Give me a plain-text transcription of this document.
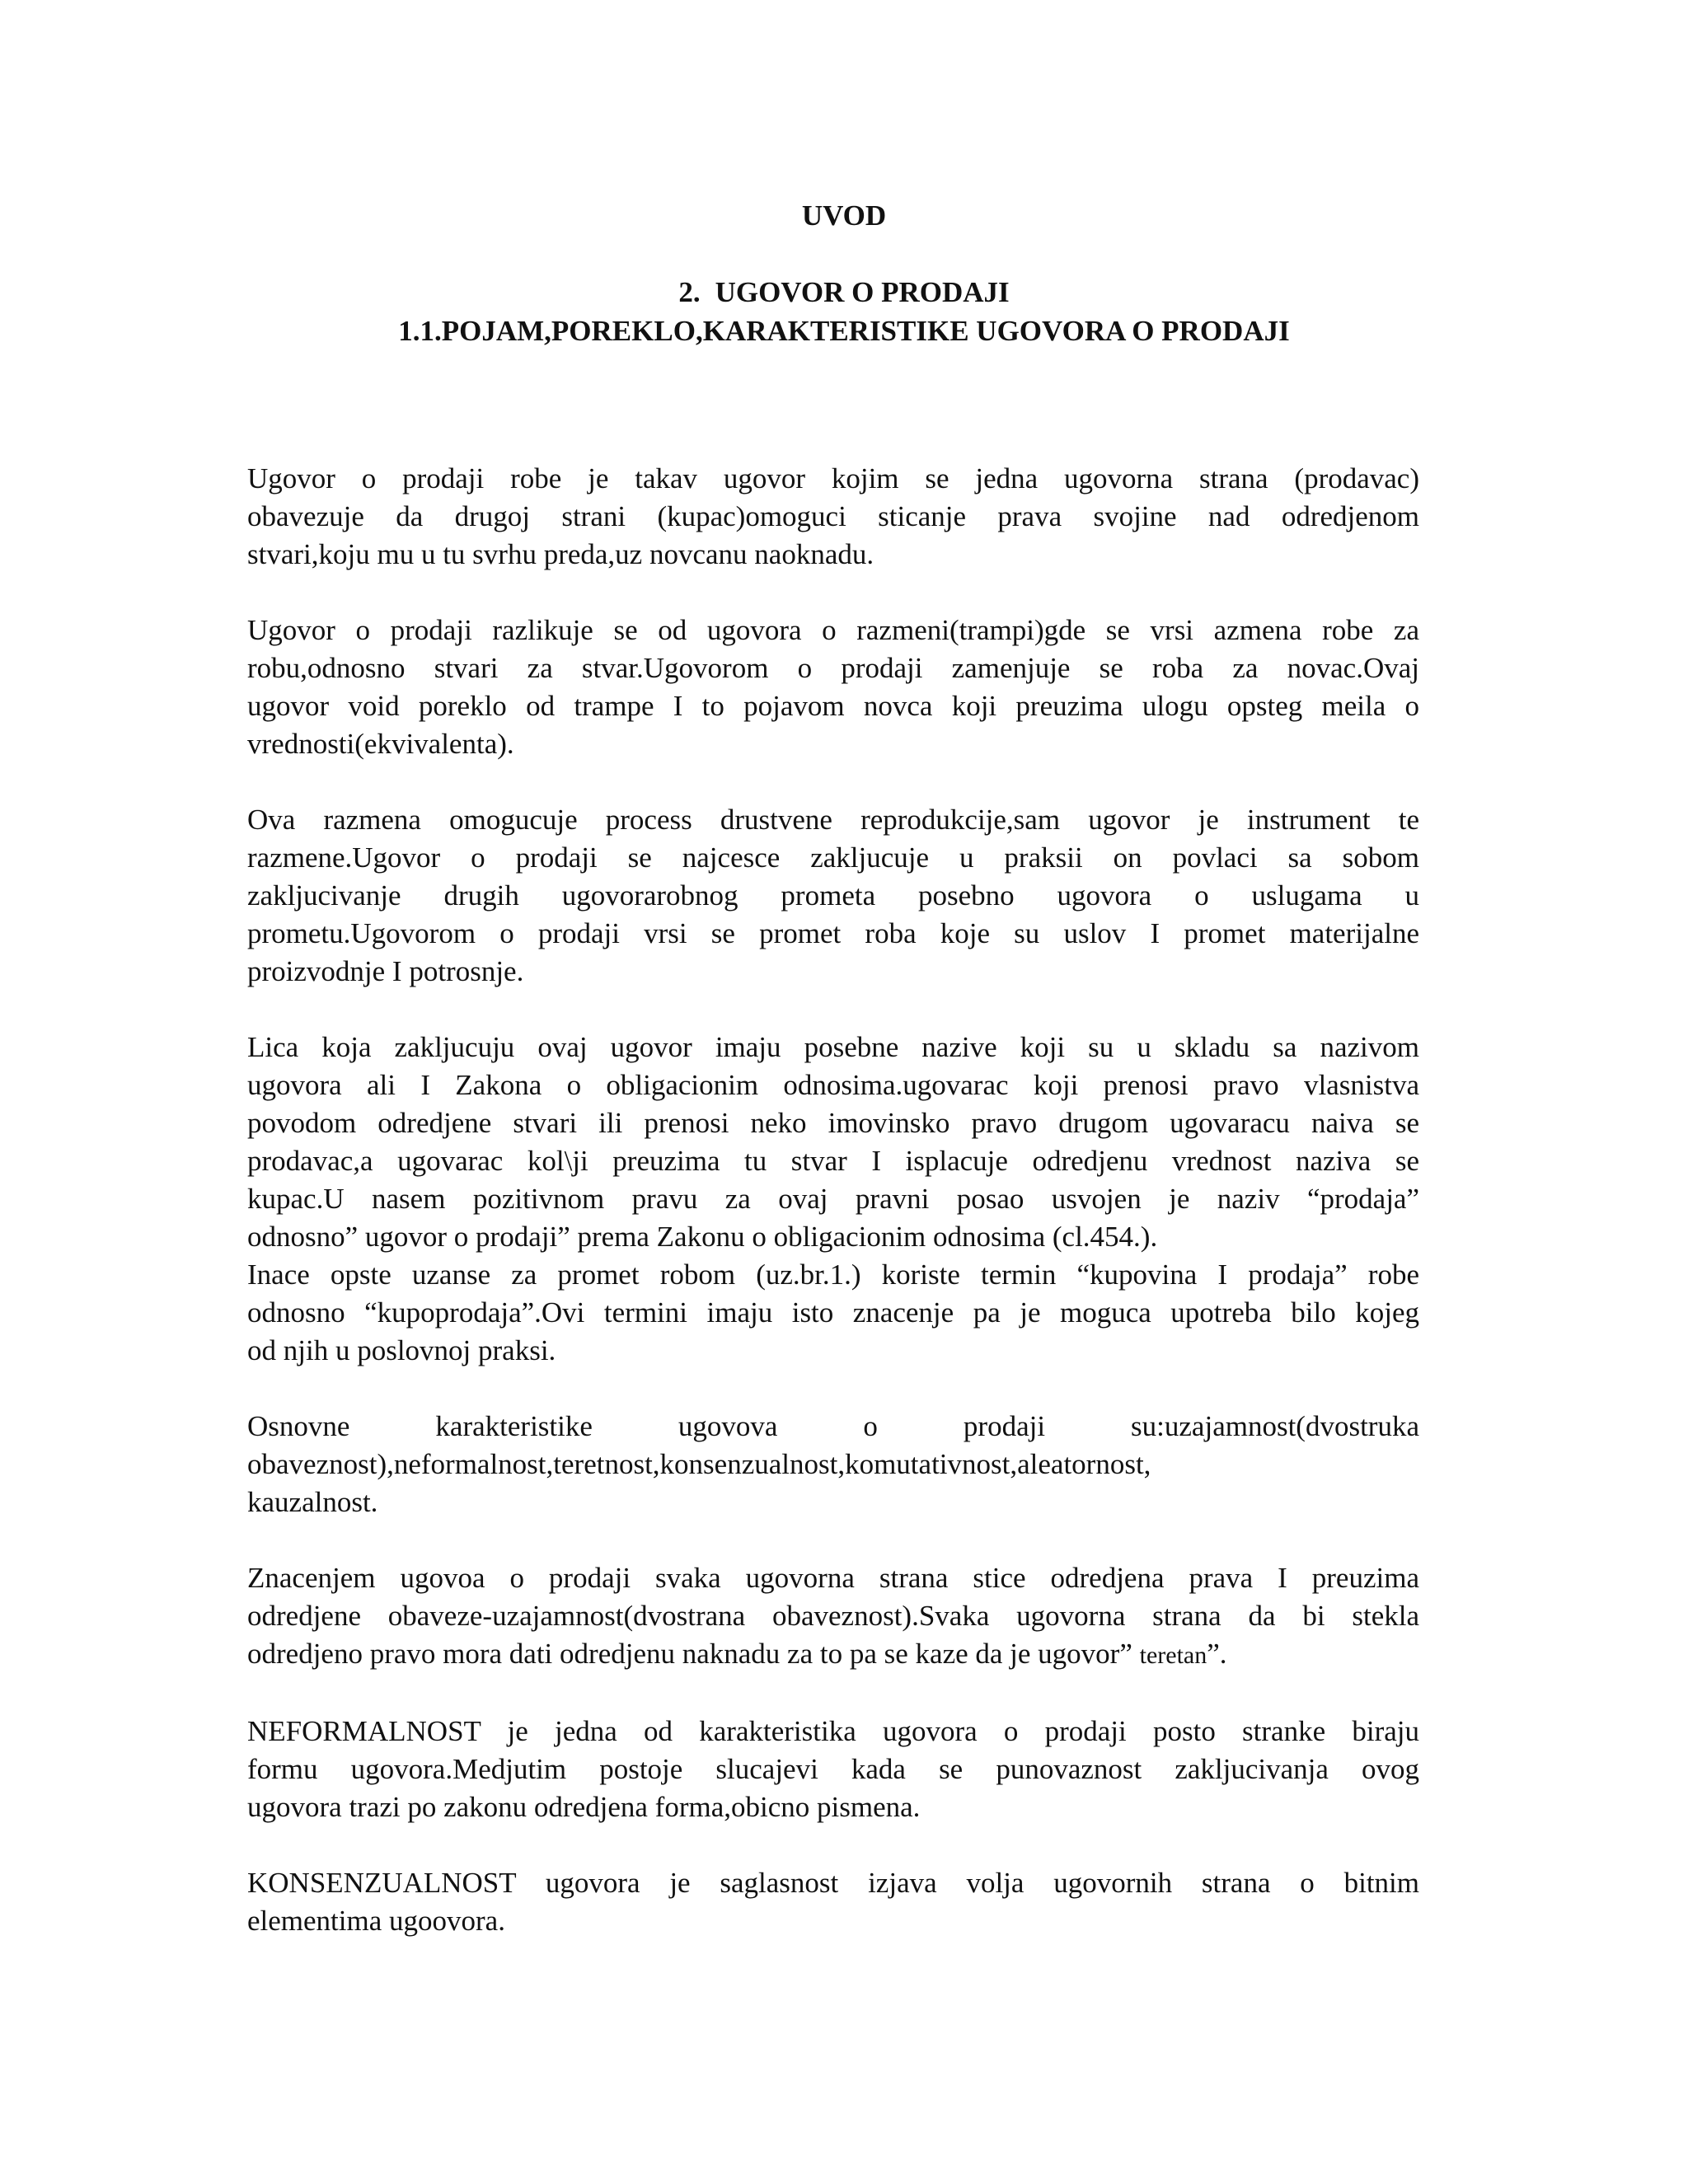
UVOD
2. UGOVOR O PRODAJI
1.1.POJAM,POREKLO,KARAKTERISTIKE UGOVORA O PRODAJI

Ugovor o prodaji robe je takav ugovor kojim se jedna ugovorna strana (prodavac)
obavezuje da drugoj strani (kupac)omoguci sticanje prava svojine nad odredjenom
stvari,koju mu u tu svrhu preda,uz novcanu naoknadu.

Ugovor o prodaji razlikuje se od ugovora o razmeni(trampi)gde se vrsi azmena robe za
robu,odnosno stvari za stvar.Ugovorom o prodaji zamenjuje se roba za novac.Ovaj
ugovor void poreklo od trampe I to pojavom novca koji preuzima ulogu opsteg meila o
vrednosti(ekvivalenta).

Ova razmena omogucuje process drustvene reprodukcije,sam ugovor je instrument te
razmene.Ugovor o prodaji se najcesce zakljucuje u praksii on povlaci sa sobom
zakljucivanje drugih ugovorarobnog prometa posebno ugovora o uslugama u
prometu.Ugovorom o prodaji vrsi se promet roba koje su uslov I promet materijalne
proizvodnje I potrosnje.

Lica koja zakljucuju ovaj ugovor imaju posebne nazive koji su u skladu sa nazivom
ugovora ali I Zakona o obligacionim odnosima.ugovarac koji prenosi pravo vlasnistva
povodom odredjene stvari ili prenosi neko imovinsko pravo drugom ugovaracu naiva se
prodavac,a ugovarac kol\ji preuzima tu stvar I isplacuje odredjenu vrednost naziva se
kupac.U nasem pozitivnom pravu za ovaj pravni posao usvojen je naziv “prodaja”
odnosno” ugovor o prodaji” prema Zakonu o obligacionim odnosima (cl.454.).

Inace opste uzanse za promet robom (uz.br.1.) koriste termin “kupovina I prodaja” robe
odnosno “kupoprodaja”.Ovi termini imaju isto znacenje pa je moguca upotreba bilo kojeg
od njih u poslovnoj praksi.

Osnovne karakteristike ugovova o prodaji su:uzajamnost(dvostruka
obaveznost),neformalnost,teretnost,konsenzualnost,komutativnost,aleatornost,
kauzalnost.

Znacenjem ugovoa o prodaji svaka ugovorna strana stice odredjena prava I preuzima
odredjene obaveze-uzajamnost(dvostrana obaveznost).Svaka ugovorna strana da bi stekla
odredjeno pravo mora dati odredjenu naknadu za to pa se kaze da je ugovor” teretan”.

NEFORMALNOST je jedna od karakteristika ugovora o prodaji posto stranke biraju
formu ugovora.Medjutim postoje slucajevi kada se punovaznost zakljucivanja ovog
ugovora trazi po zakonu odredjena forma,obicno pismena.

KONSENZUALNOST ugovora je saglasnost izjava volja ugovornih strana o bitnim
elementima ugoovora.
